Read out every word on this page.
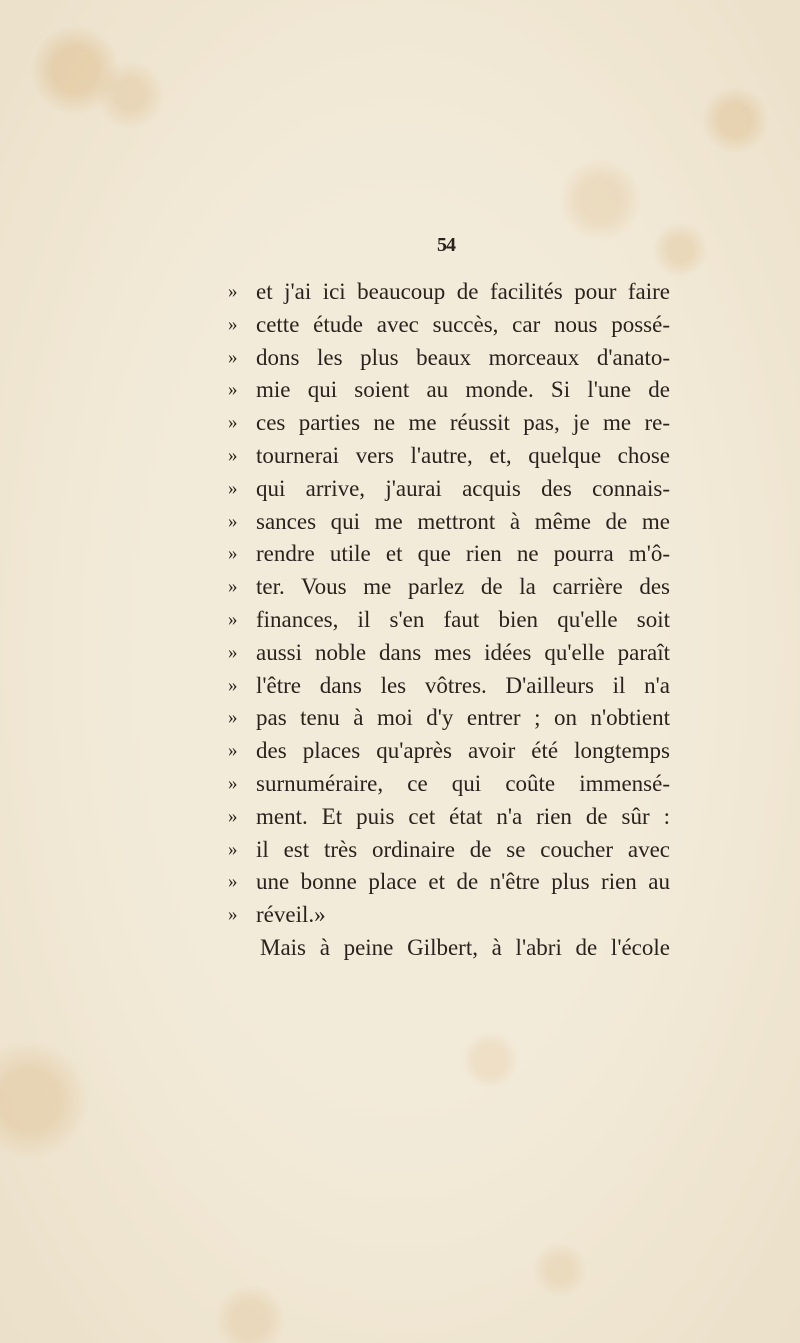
54
» et j'ai ici beaucoup de facilités pour faire
» cette étude avec succès, car nous possé-
» dons les plus beaux morceaux d'anato-
» mie qui soient au monde. Si l'une de
» ces parties ne me réussit pas, je me re-
» tournerai vers l'autre, et, quelque chose
» qui arrive, j'aurai acquis des connais-
» sances qui me mettront à même de me
» rendre utile et que rien ne pourra m'ô-
» ter. Vous me parlez de la carrière des
» finances, il s'en faut bien qu'elle soit
» aussi noble dans mes idées qu'elle paraît
» l'être dans les vôtres. D'ailleurs il n'a
» pas tenu à moi d'y entrer ; on n'obtient
» des places qu'après avoir été longtemps
» surnuméraire, ce qui coûte immensé-
» ment. Et puis cet état n'a rien de sûr :
» il est très ordinaire de se coucher avec
» une bonne place et de n'être plus rien au
» réveil.»
Mais à peine Gilbert, à l'abri de l'école
